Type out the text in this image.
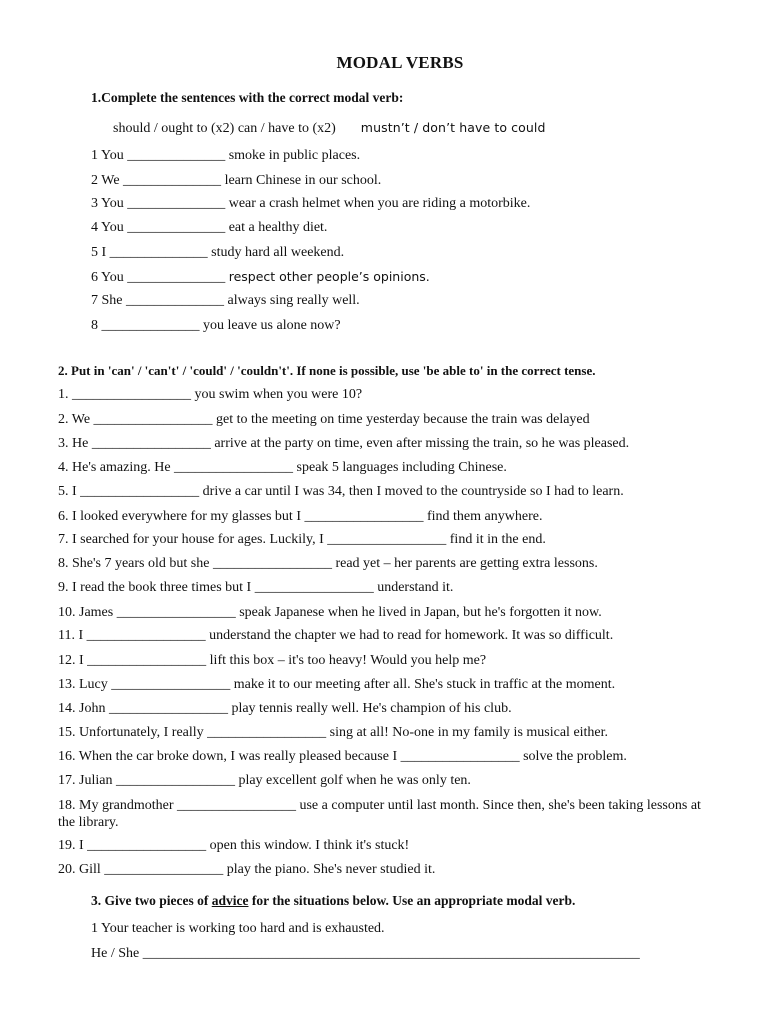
MODAL VERBS
1.Complete the sentences with the correct modal verb:
should / ought to (x2) can / have to (x2) mustn’t / don’t have to could
1 You ______________ smoke in public places.
2 We ______________ learn Chinese in our school.
3 You ______________ wear a crash helmet when you are riding a motorbike.
4 You ______________ eat a healthy diet.
5 I ______________ study hard all weekend.
6 You ______________ respect other people’s opinions.
7 She ______________ always sing really well.
8 ______________ you leave us alone now?
2. Put in 'can' / 'can't' / 'could' / 'couldn't'. If none is possible, use 'be able to' in the correct tense.
1. _________________ you swim when you were 10?
2. We _________________ get to the meeting on time yesterday because the train was delayed
3. He _________________ arrive at the party on time, even after missing the train, so he was pleased.
4. He's amazing. He _________________ speak 5 languages including Chinese.
5. I _________________ drive a car until I was 34, then I moved to the countryside so I had to learn.
6. I looked everywhere for my glasses but I _________________ find them anywhere.
7. I searched for your house for ages. Luckily, I _________________ find it in the end.
8. She's 7 years old but she _________________ read yet – her parents are getting extra lessons.
9. I read the book three times but I _________________ understand it.
10. James _________________ speak Japanese when he lived in Japan, but he's forgotten it now.
11. I _________________ understand the chapter we had to read for homework. It was so difficult.
12. I _________________ lift this box – it's too heavy! Would you help me?
13. Lucy _________________ make it to our meeting after all. She's stuck in traffic at the moment.
14. John _________________ play tennis really well. He's champion of his club.
15. Unfortunately, I really _________________ sing at all! No-one in my family is musical either.
16. When the car broke down, I was really pleased because I _________________ solve the problem.
17. Julian _________________ play excellent golf when he was only ten.
18. My grandmother _________________ use a computer until last month. Since then, she's been taking lessons at the library.
19. I _________________ open this window. I think it's stuck!
20. Gill _________________ play the piano. She's never studied it.
3. Give two pieces of advice for the situations below. Use an appropriate modal verb.
1 Your teacher is working too hard and is exhausted.
He / She _______________________________________________________________________
